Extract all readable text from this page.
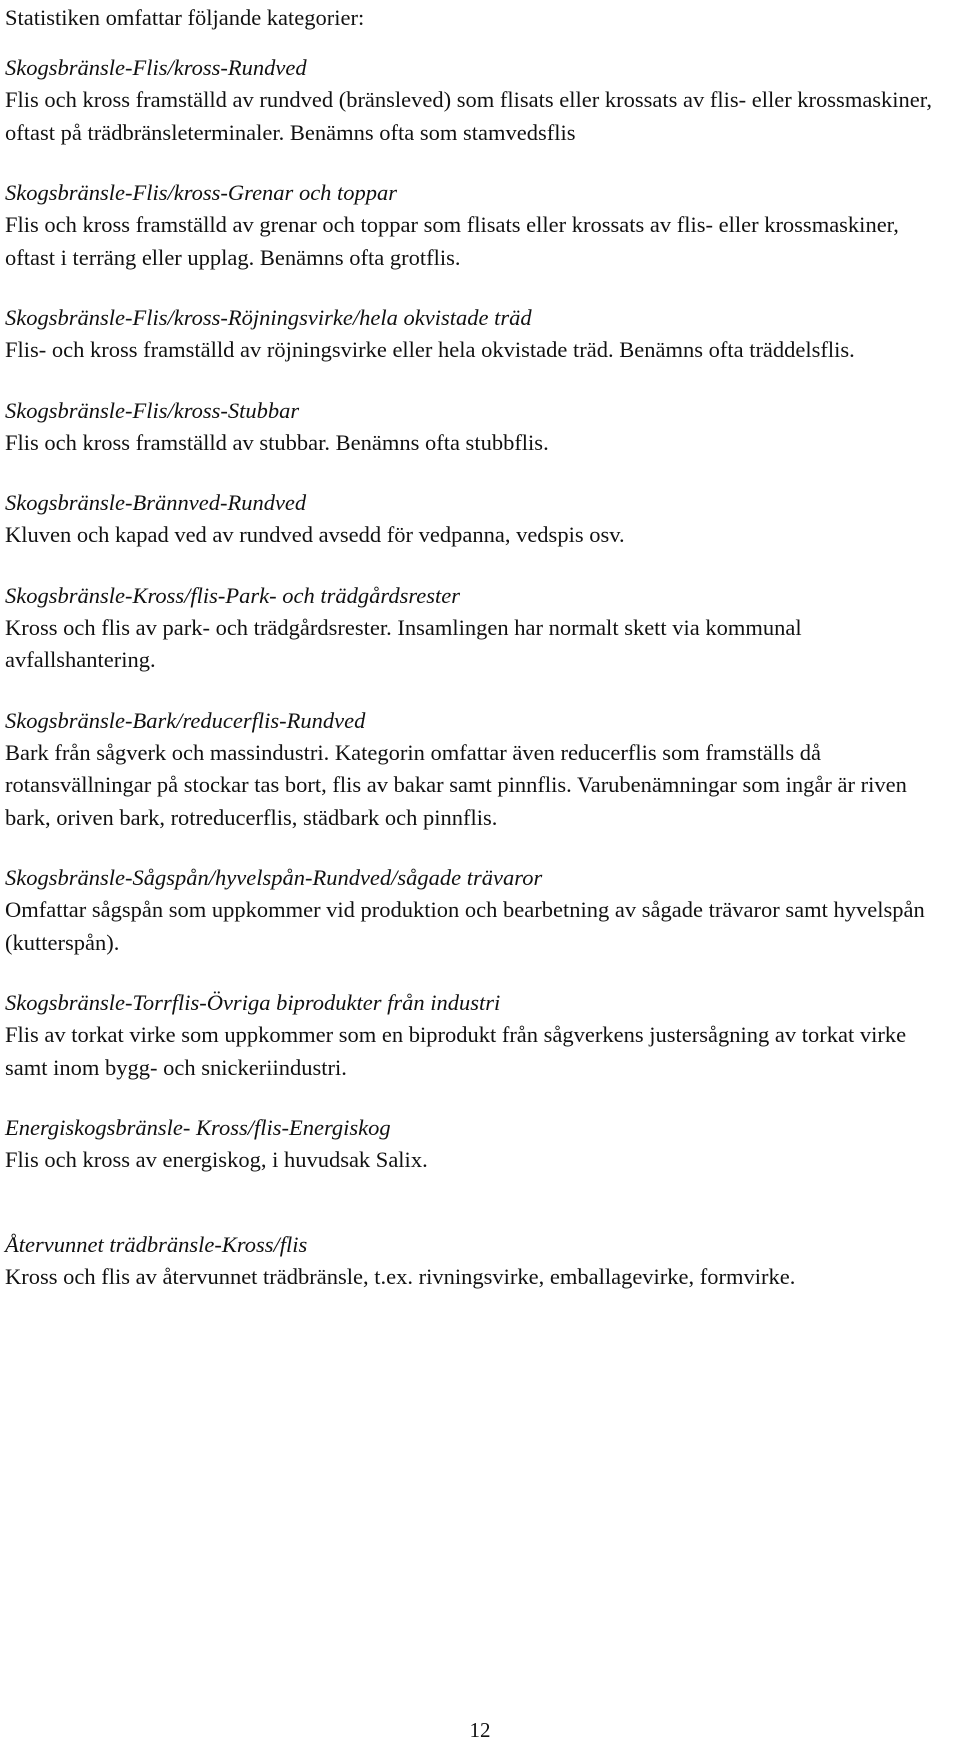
Statistiken omfattar följande kategorier:

Skogsbränsle-Flis/kross-Rundved

Flis och kross framställd av rundved (bränsleved) som flisats eller krossats av flis- eller krossmaskiner, oftast på trädbränsleterminaler. Benämns ofta som stamvedsflis

Skogsbränsle-Flis/kross-Grenar och toppar

Flis och kross framställd av grenar och toppar som flisats eller krossats av flis- eller krossmaskiner, oftast i terräng eller upplag. Benämns ofta grotflis.

Skogsbränsle-Flis/kross-Röjningsvirke/hela okvistade träd

Flis- och kross framställd av röjningsvirke eller hela okvistade träd. Benämns ofta träddelsflis.

Skogsbränsle-Flis/kross-Stubbar

Flis och kross framställd av stubbar. Benämns ofta stubbflis.

Skogsbränsle-Brännved-Rundved

Kluven och kapad ved av rundved avsedd för vedpanna, vedspis osv.

Skogsbränsle-Kross/flis-Park- och trädgårdsrester

Kross och flis av park- och trädgårdsrester. Insamlingen har normalt skett via kommunal avfallshantering.

Skogsbränsle-Bark/reducerflis-Rundved

Bark från sågverk och massindustri. Kategorin omfattar även reducerflis som framställs då rotansvällningar på stockar tas bort, flis av bakar samt pinnflis. Varubenämningar som ingår är riven bark, oriven bark, rotreducerflis, städbark och pinnflis.

Skogsbränsle-Sågspån/hyvelspån-Rundved/sågade trävaror

Omfattar sågspån som uppkommer vid produktion och bearbetning av sågade trävaror samt hyvelspån (kutterspån).

Skogsbränsle-Torrflis-Övriga biprodukter från industri

Flis av torkat virke som uppkommer som en biprodukt från sågverkens justersågning av torkat virke samt inom bygg- och snickeriindustri.

Energiskogsbränsle- Kross/flis-Energiskog

Flis och kross av energiskog, i huvudsak Salix.

Återvunnet trädbränsle-Kross/flis

Kross och flis av återvunnet trädbränsle, t.ex. rivningsvirke, emballagevirke, formvirke.

12
